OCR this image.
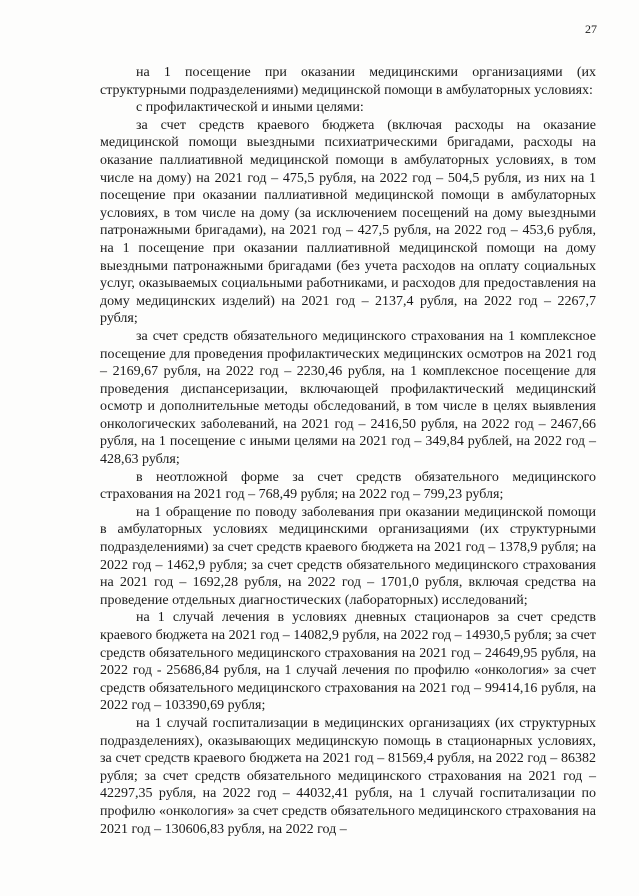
27

на 1 посещение при оказании медицинскими организациями (их структурными подразделениями) медицинской помощи в амбулаторных условиях:

с профилактической и иными целями:

за счет средств краевого бюджета (включая расходы на оказание медицинской помощи выездными психиатрическими бригадами, расходы на оказание паллиативной медицинской помощи в амбулаторных условиях, в том числе на дому) на 2021 год – 475,5 рубля, на 2022 год – 504,5 рубля, из них на 1 посещение при оказании паллиативной медицинской помощи в амбулаторных условиях, в том числе на дому (за исключением посещений на дому выездными патронажными бригадами), на 2021 год – 427,5 рубля, на 2022 год – 453,6 рубля, на 1 посещение при оказании паллиативной медицинской помощи на дому выездными патронажными бригадами (без учета расходов на оплату социальных услуг, оказываемых социальными работниками, и расходов для предоставления на дому медицинских изделий) на 2021 год – 2137,4 рубля, на 2022 год – 2267,7 рубля;

за счет средств обязательного медицинского страхования на 1 комплексное посещение для проведения профилактических медицинских осмотров на 2021 год – 2169,67 рубля, на 2022 год – 2230,46 рубля, на 1 комплексное посещение для проведения диспансеризации, включающей профилактический медицинский осмотр и дополнительные методы обследований, в том числе в целях выявления онкологических заболеваний, на 2021 год – 2416,50 рубля, на 2022 год – 2467,66 рубля, на 1 посещение с иными целями на 2021 год – 349,84 рублей, на 2022 год – 428,63 рубля;

в неотложной форме за счет средств обязательного медицинского страхования на 2021 год – 768,49 рубля; на 2022 год – 799,23 рубля;

на 1 обращение по поводу заболевания при оказании медицинской помощи в амбулаторных условиях медицинскими организациями (их структурными подразделениями) за счет средств краевого бюджета на 2021 год – 1378,9 рубля; на 2022 год – 1462,9 рубля; за счет средств обязательного медицинского страхования на 2021 год – 1692,28 рубля, на 2022 год – 1701,0 рубля, включая средства на проведение отдельных диагностических (лабораторных) исследований;

на 1 случай лечения в условиях дневных стационаров за счет средств краевого бюджета на 2021 год – 14082,9 рубля, на 2022 год – 14930,5 рубля; за счет средств обязательного медицинского страхования на 2021 год – 24649,95 рубля, на 2022 год - 25686,84 рубля, на 1 случай лечения по профилю «онкология» за счет средств обязательного медицинского страхования на 2021 год – 99414,16 рубля, на 2022 год – 103390,69 рубля;

на 1 случай госпитализации в медицинских организациях (их структурных подразделениях), оказывающих медицинскую помощь в стационарных условиях, за счет средств краевого бюджета на 2021 год – 81569,4 рубля, на 2022 год – 86382 рубля; за счет средств обязательного медицинского страхования на 2021 год – 42297,35 рубля, на 2022 год – 44032,41 рубля, на 1 случай госпитализации по профилю «онкология» за счет средств обязательного медицинского страхования на 2021 год – 130606,83 рубля, на 2022 год –
